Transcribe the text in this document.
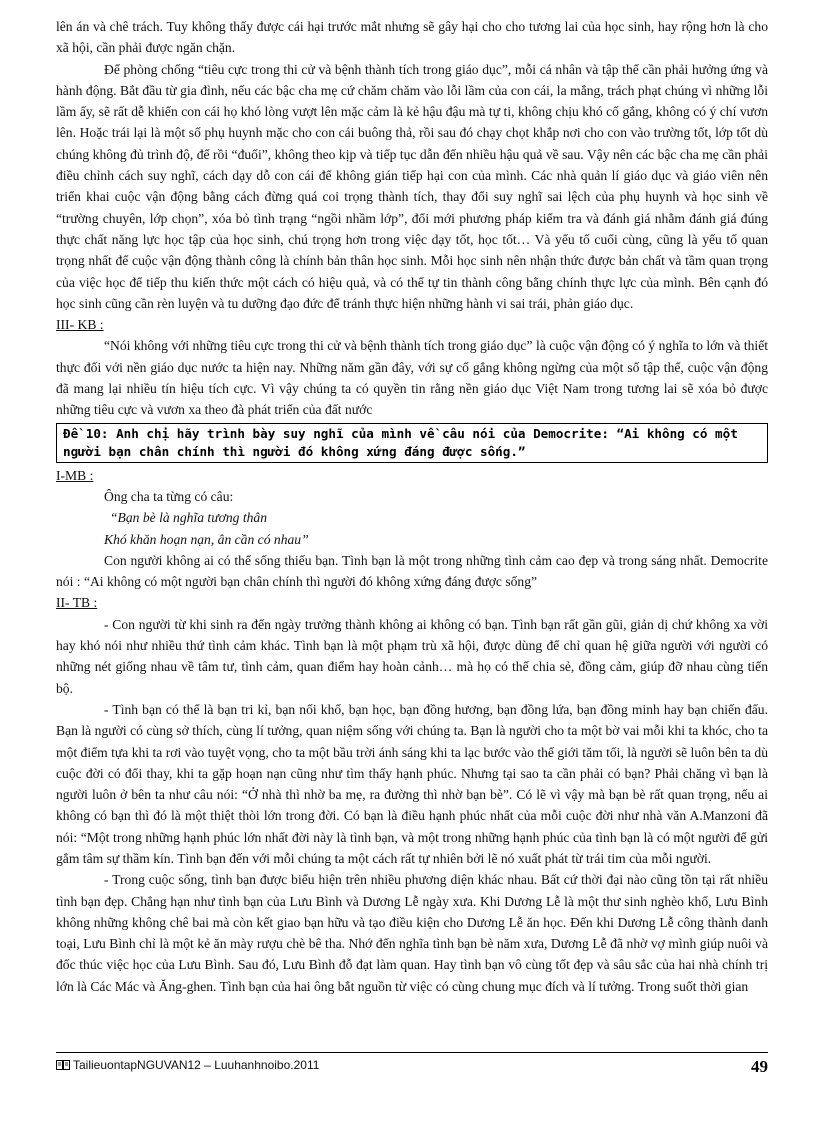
lên án và chê trách. Tuy không thấy được cái hại trước mắt nhưng sẽ gây hại cho cho tương lai của học sinh, hay rộng hơn là cho xã hội, cần phải được ngăn chặn.

Để phòng chống “tiêu cực trong thi cử và bệnh thành tích trong giáo dục”, mỗi cá nhân và tập thể cần phải hưởng ứng và hành động. Bắt đầu từ gia đình, nếu các bậc cha mẹ cứ chăm chăm vào lỗi lầm của con cái, la mắng, trách phạt chúng vì những lỗi lầm ấy, sẽ rất dễ khiến con cái họ khó lòng vượt lên mặc cảm là kẻ hậu đậu mà tự ti, không chịu khó cố gắng, không có ý chí vươn lên. Hoặc trái lại là một số phụ huynh mặc cho con cái buông thả, rồi sau đó chạy chọt khắp nơi cho con vào trường tốt, lớp tốt dù chúng không đủ trình độ, để rồi “đuối”, không theo kịp và tiếp tục dẫn đến nhiều hậu quả về sau. Vậy nên các bậc cha mẹ cần phải điều chỉnh cách suy nghĩ, cách dạy dỗ con cái để không gián tiếp hại con của mình. Các nhà quản lí giáo dục và giáo viên nên triển khai cuộc vận động bằng cách đừng quá coi trọng thành tích, thay đổi suy nghĩ sai lệch của phụ huynh và học sinh về “trường chuyên, lớp chọn”, xóa bỏ tình trạng “ngồi nhầm lớp”, đổi mới phương pháp kiểm tra và đánh giá nhằm đánh giá đúng thực chất năng lực học tập của học sinh, chú trọng hơn trong việc dạy tốt, học tốt… Và yếu tố cuối cùng, cũng là yếu tố quan trọng nhất để cuộc vận động thành công là chính bản thân học sinh. Mỗi học sinh nên nhận thức được bản chất và tầm quan trọng của việc học để tiếp thu kiến thức một cách có hiệu quả, và có thể tự tin thành công bằng chính thực lực của mình. Bên cạnh đó học sinh cũng cần rèn luyện và tu dưỡng đạo đức để tránh thực hiện những hành vi sai trái, phản giáo dục.

III- KB :

“Nói không với những tiêu cực trong thi cử và bệnh thành tích trong giáo dục” là cuộc vận động có ý nghĩa to lớn và thiết thực đối với nền giáo dục nước ta hiện nay. Những năm gần đây, với sự cố gắng không ngừng của một số tập thể, cuộc vận động đã mang lại nhiều tín hiệu tích cực. Vì vậy chúng ta có quyền tin rằng nền giáo dục Việt Nam trong tương lai sẽ xóa bỏ được những tiêu cực và vươn xa theo đà phát triển của đất nước

Đề 10: Anh chị hãy trình bày suy nghĩ của mình về câu nói của Democrite: “Ai không có một người bạn chân chính thì người đó không xứng đáng được sống.”

I-MB :

Ông cha ta từng có câu:

“Bạn bè là nghĩa tương thân

Khó khăn hoạn nạn, ân cần có nhau”

Con người không ai có thể sống thiếu bạn. Tình bạn là một trong những tình cảm cao đẹp và trong sáng nhất. Democrite nói : “Ai không có một người bạn chân chính thì người đó không xứng đáng được sống”

II- TB :

- Con người từ khi sinh ra đến ngày trưởng thành không ai không có bạn. Tình bạn rất gần gũi, giản dị chứ không xa vời hay khó nói như nhiều thứ tình cảm khác. Tình bạn là một phạm trù xã hội, được dùng để chỉ quan hệ giữa người với người có những nét giống nhau về tâm tư, tình cảm, quan điểm hay hoàn cảnh… mà họ có thể chia sẻ, đồng cảm, giúp đỡ nhau cùng tiến bộ.

- Tình bạn có thể là bạn tri kỉ, bạn nối khố, bạn học, bạn đồng hương, bạn đồng lứa, bạn đồng minh hay bạn chiến đấu. Bạn là người có cùng sở thích, cùng lí tưởng, quan niệm sống với chúng ta. Bạn là người cho ta một bờ vai mỗi khi ta khóc, cho ta một điểm tựa khi ta rơi vào tuyệt vọng, cho ta một bầu trời ánh sáng khi ta lạc bước vào thế giới tăm tối, là người sẽ luôn bên ta dù cuộc đời có đổi thay, khi ta gặp hoạn nạn cũng như tìm thấy hạnh phúc. Nhưng tại sao ta cần phải có bạn? Phải chăng vì bạn là người luôn ở bên ta như câu nói: “Ở nhà thì nhờ ba mẹ, ra đường thì nhờ bạn bè”. Có lẽ vì vậy mà bạn bè rất quan trọng, nếu ai không có bạn thì đó là một thiệt thòi lớn trong đời. Có bạn là điều hạnh phúc nhất của mỗi cuộc đời như nhà văn A.Manzoni đã nói: “Một trong những hạnh phúc lớn nhất đời này là tình bạn, và một trong những hạnh phúc của tình bạn là có một người để gửi gắm tâm sự thầm kín. Tình bạn đến với mỗi chúng ta một cách rất tự nhiên bởi lẽ nó xuất phát từ trái tim của mỗi người.

- Trong cuộc sống, tình bạn được biểu hiện trên nhiều phương diện khác nhau. Bất cứ thời đại nào cũng tồn tại rất nhiều tình bạn đẹp. Chẳng hạn như tình bạn của Lưu Bình và Dương Lễ ngày xưa. Khi Dương Lễ là một thư sinh nghèo khổ, Lưu Bình không những không chê bai mà còn kết giao bạn hữu và tạo điều kiện cho Dương Lễ ăn học. Đến khi Dương Lễ công thành danh toại, Lưu Bình chỉ là một kẻ ăn mày rượu chè bê tha. Nhớ đến nghĩa tình bạn bè năm xưa, Dương Lễ đã nhờ vợ mình giúp nuôi và đốc thúc việc học của Lưu Bình. Sau đó, Lưu Bình đỗ đạt làm quan. Hay tình bạn vô cùng tốt đẹp và sâu sắc của hai nhà chính trị lớn là Các Mác và Ăng-ghen. Tình bạn của hai ông bắt nguồn từ việc có cùng chung mục đích và lí tưởng. Trong suốt thời gian

TailieuontapNGUVAN12 – Luuhanhnoibo.2011	49
